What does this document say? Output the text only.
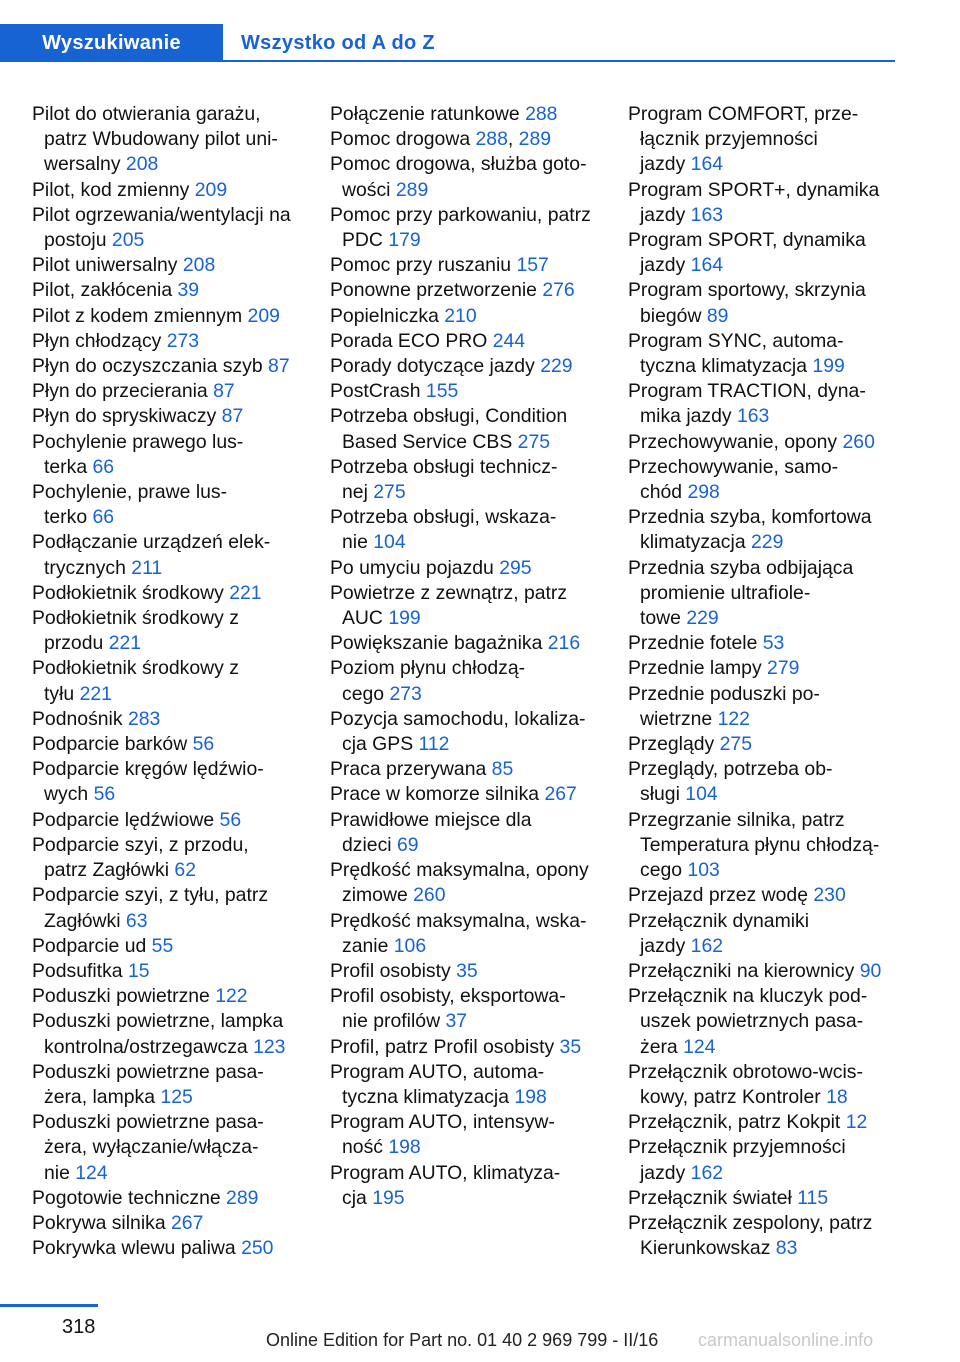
Wyszukiwanie	Wszystko od A do Z

Pilot do otwierania garażu,
patrz Wbudowany pilot uni-
wersalny 208

Pilot, kod zmienny 209

Pilot ogrzewania/wentylacji na
postoju 205

Pilot uniwersalny 208

Pilot, zakłócenia 39

Pilot z kodem zmiennym 209

Płyn chłodzący 273

Płyn do oczyszczania szyb 87

Płyn do przecierania 87

Płyn do spryskiwaczy 87

Pochylenie prawego lus-
terka 66

Pochylenie, prawe lus-
terko 66

Podłączanie urządzeń elek-
trycznych 211

Podłokietnik środkowy 221

Podłokietnik środkowy z
przodu 221

Podłokietnik środkowy z
tyłu 221

Podnośnik 283

Podparcie barków 56

Podparcie kręgów lędźwio-
wych 56

Podparcie lędźwiowe 56

Podparcie szyi, z przodu,
patrz Zagłówki 62

Podparcie szyi, z tyłu, patrz
Zagłówki 63

Podparcie ud 55

Podsufitka 15

Poduszki powietrzne 122

Poduszki powietrzne, lampka
kontrolna/ostrzegawcza 123

Poduszki powietrzne pasa-
żera, lampka 125

Poduszki powietrzne pasa-
żera, wyłączanie/włącza-
nie 124

Pogotowie techniczne 289

Pokrywa silnika 267

Pokrywka wlewu paliwa 250

Połączenie ratunkowe 288

Pomoc drogowa 288, 289

Pomoc drogowa, służba goto-
wości 289

Pomoc przy parkowaniu, patrz
PDC 179

Pomoc przy ruszaniu 157

Ponowne przetworzenie 276

Popielniczka 210

Porada ECO PRO 244

Porady dotyczące jazdy 229

PostCrash 155

Potrzeba obsługi, Condition
Based Service CBS 275

Potrzeba obsługi technicz-
nej 275

Potrzeba obsługi, wskaza-
nie 104

Po umyciu pojazdu 295

Powietrze z zewnątrz, patrz
AUC 199

Powiększanie bagażnika 216

Poziom płynu chłodzą-
cego 273

Pozycja samochodu, lokaliza-
cja GPS 112

Praca przerywana 85

Prace w komorze silnika 267

Prawidłowe miejsce dla
dzieci 69

Prędkość maksymalna, opony
zimowe 260

Prędkość maksymalna, wska-
zanie 106

Profil osobisty 35

Profil osobisty, eksportowa-
nie profilów 37

Profil, patrz Profil osobisty 35

Program AUTO, automa-
tyczna klimatyzacja 198

Program AUTO, intensyw-
ność 198

Program AUTO, klimatyza-
cja 195

Program COMFORT, prze-
łącznik przyjemności
jazdy 164

Program SPORT+, dynamika
jazdy 163

Program SPORT, dynamika
jazdy 164

Program sportowy, skrzynia
biegów 89

Program SYNC, automa-
tyczna klimatyzacja 199

Program TRACTION, dyna-
mika jazdy 163

Przechowywanie, opony 260

Przechowywanie, samo-
chód 298

Przednia szyba, komfortowa
klimatyzacja 229

Przednia szyba odbijająca
promienie ultrafiole-
towe 229

Przednie fotele 53

Przednie lampy 279

Przednie poduszki po-
wietrzne 122

Przeglądy 275

Przeglądy, potrzeba ob-
sługi 104

Przegrzanie silnika, patrz
Temperatura płynu chłodzą-
cego 103

Przejazd przez wodę 230

Przełącznik dynamiki
jazdy 162

Przełączniki na kierownicy 90

Przełącznik na kluczyk pod-
uszek powietrznych pasa-
żera 124

Przełącznik obrotowo-wcis-
kowy, patrz Kontroler 18

Przełącznik, patrz Kokpit 12

Przełącznik przyjemności
jazdy 162

Przełącznik świateł 115

Przełącznik zespolony, patrz
Kierunkowskaz 83

318
Online Edition for Part no. 01 40 2 969 799 - II/16 carmanualsonline.info
